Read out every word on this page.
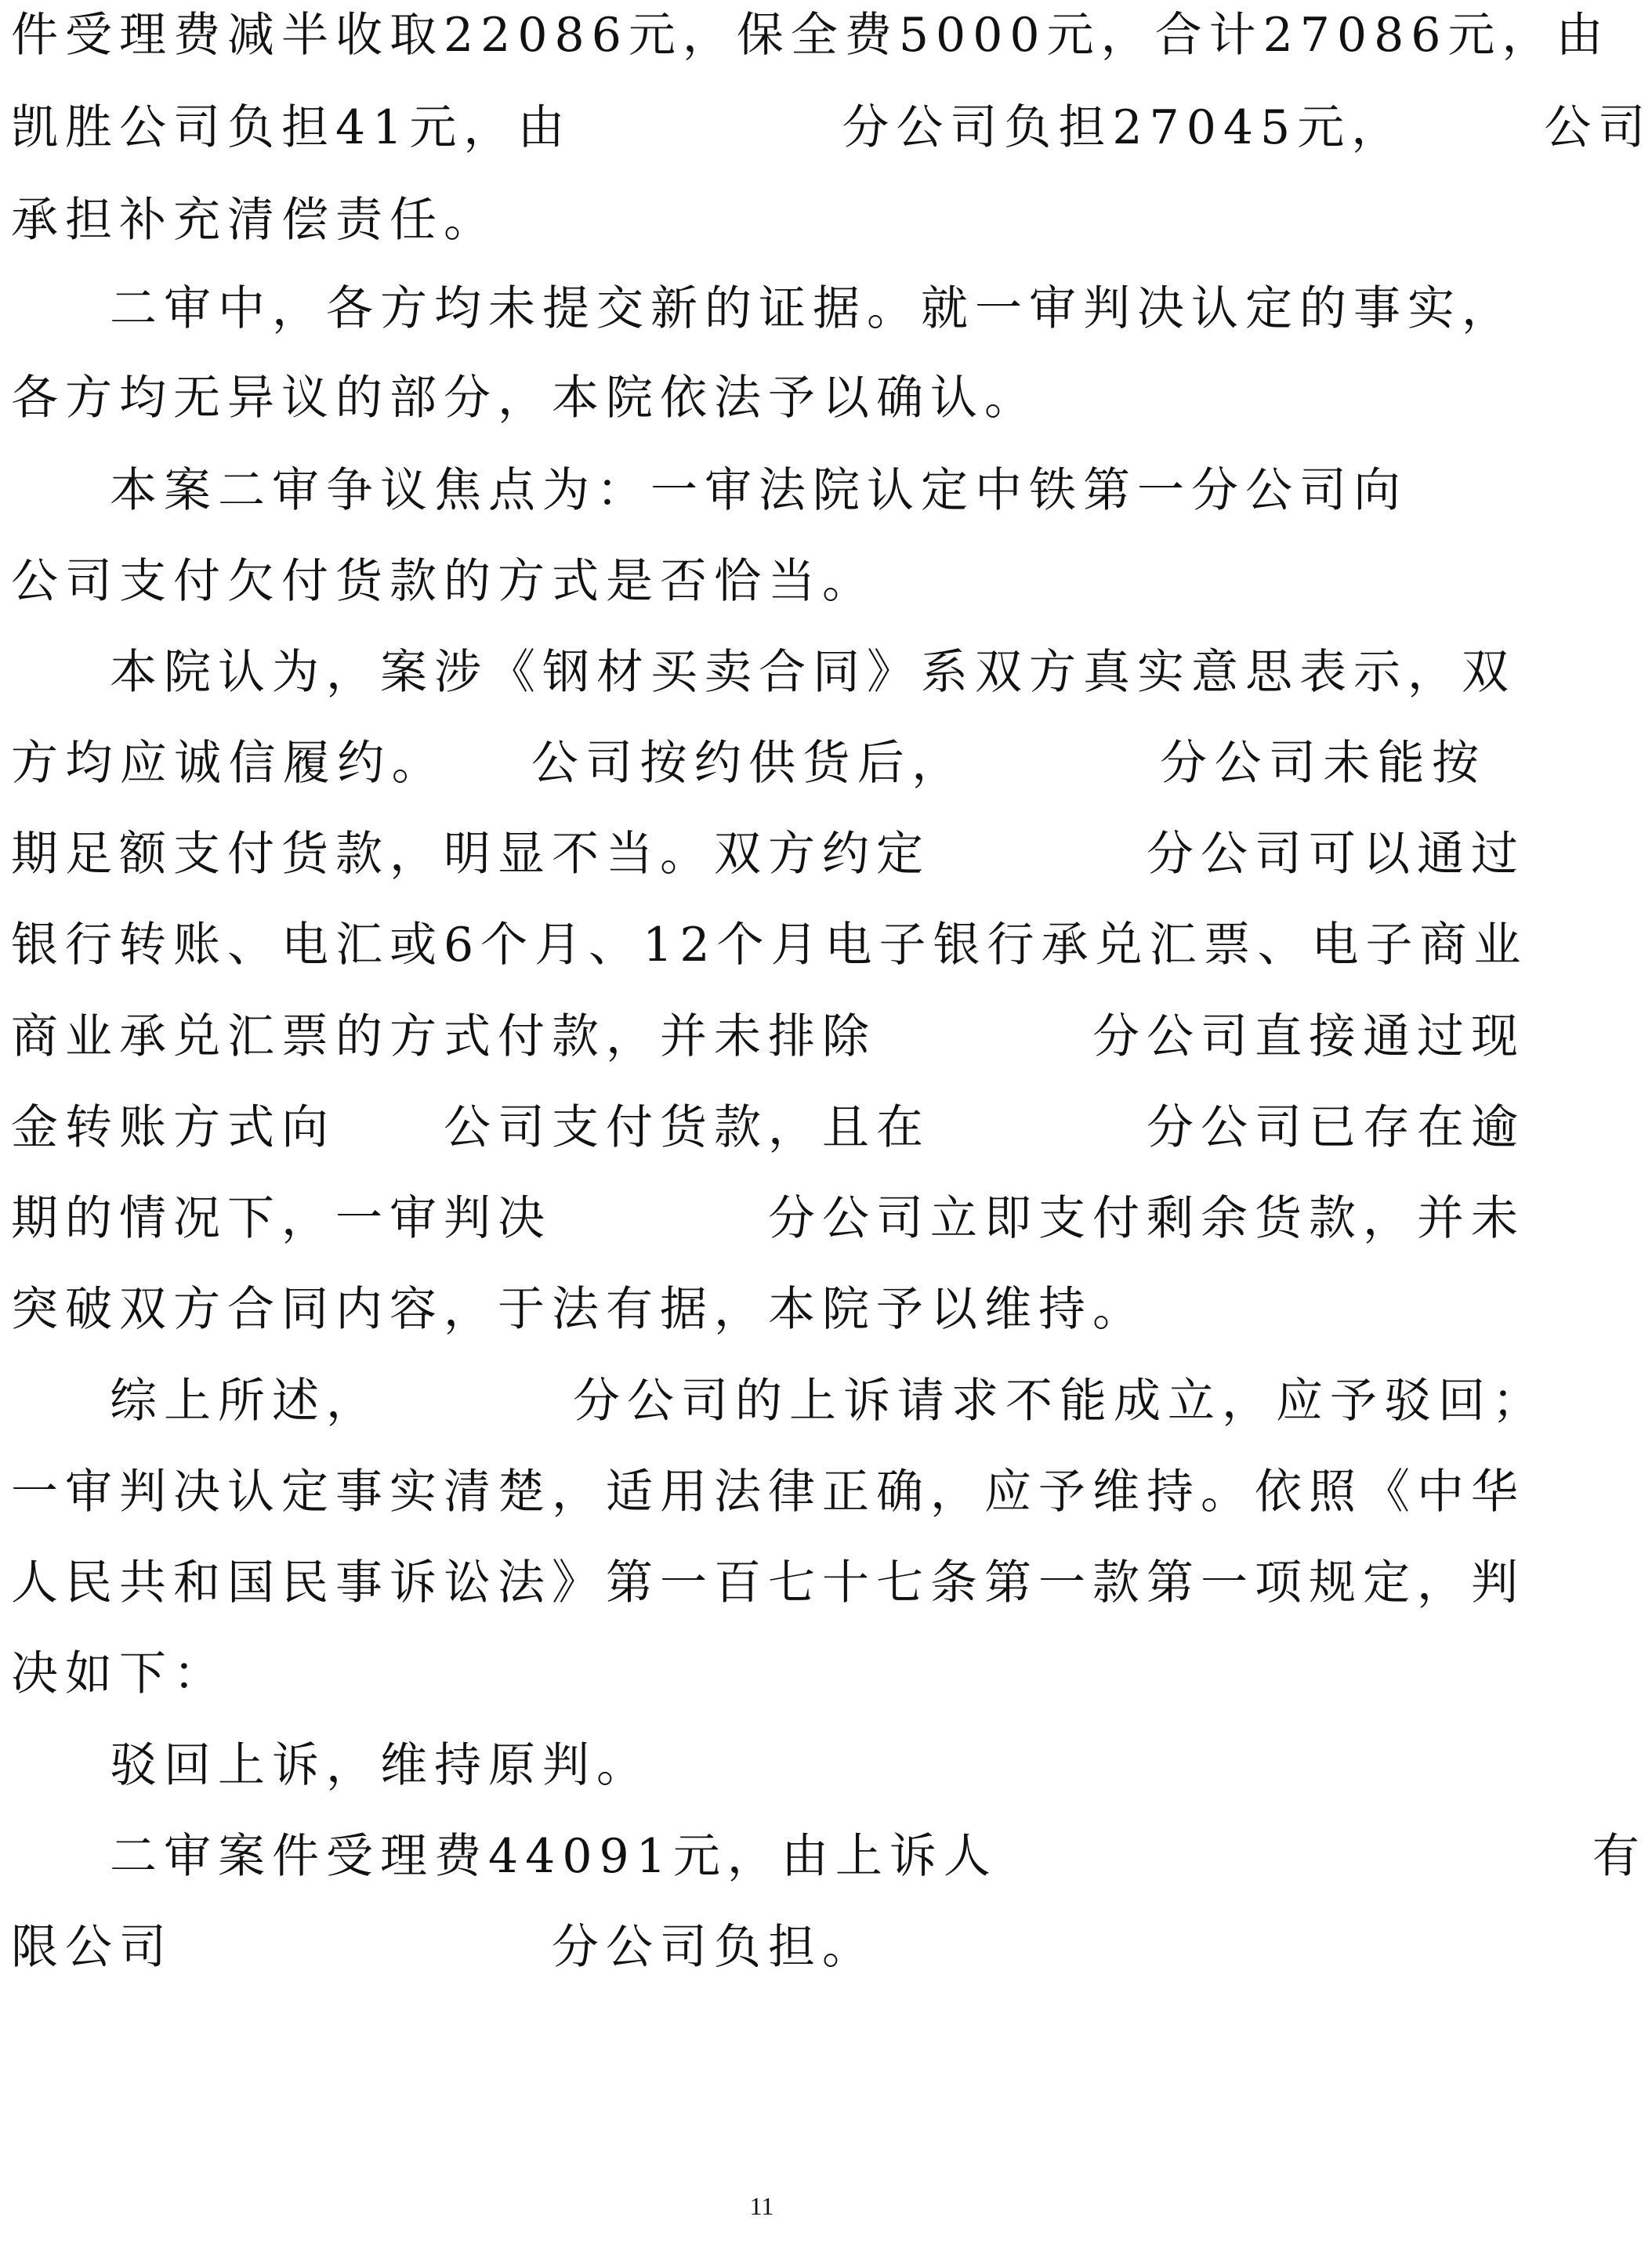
件受理费减半收取22086元，保全费5000元，合计27086元，由
凯胜公司负担41元，由　　　　　分公司负担27045元，　　　公司
承担补充清偿责任。
二审中，各方均未提交新的证据。就一审判决认定的事实，
各方均无异议的部分，本院依法予以确认。
本案二审争议焦点为：一审法院认定中铁第一分公司向
公司支付欠付货款的方式是否恰当。
本院认为，案涉《钢材买卖合同》系双方真实意思表示，双
方均应诚信履约。　　公司按约供货后，　　　　分公司未能按
期足额支付货款，明显不当。双方约定　　　　分公司可以通过
银行转账、电汇或6个月、12个月电子银行承兑汇票、电子商业
商业承兑汇票的方式付款，并未排除　　　　分公司直接通过现
金转账方式向　　公司支付货款，且在　　　　分公司已存在逾
期的情况下，一审判决　　　　分公司立即支付剩余货款，并未
突破双方合同内容，于法有据，本院予以维持。
综上所述，　　　　分公司的上诉请求不能成立，应予驳回；
一审判决认定事实清楚，适用法律正确，应予维持。依照《中华
人民共和国民事诉讼法》第一百七十七条第一款第一项规定，判
决如下：
驳回上诉，维持原判。
二审案件受理费44091元，由上诉人　　　　　　　　　　　有
限公司　　　　　　　分公司负担。
11
